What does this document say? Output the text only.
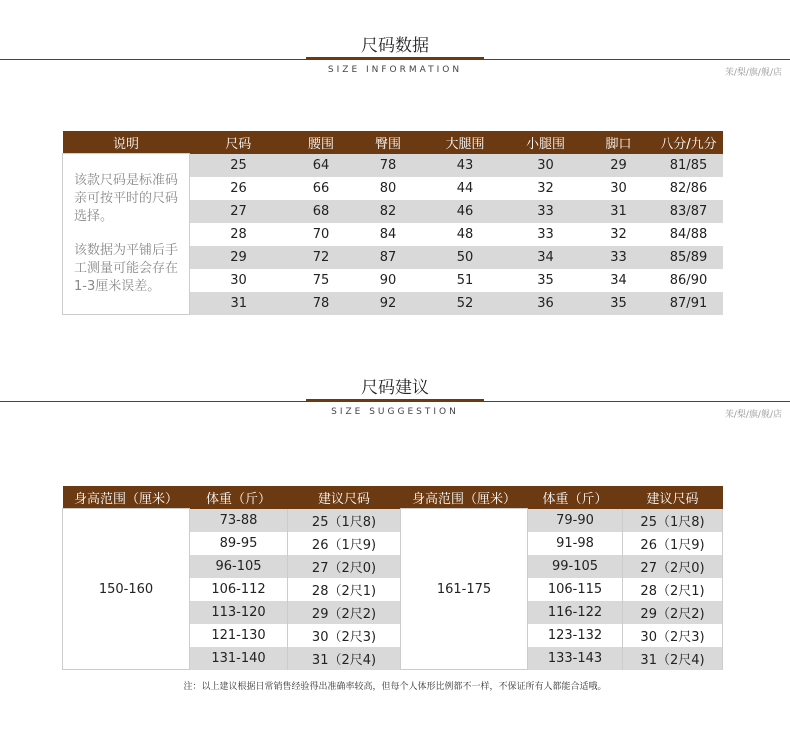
尺码数据
SIZE INFORMATION	茉/梨/旗/舰/店
说明	尺码	腰围	臀围	大腿围	小腿围	脚口	八分/九分

该款尺码是标准码亲可按平时的尺码选择。

该数据为平铺后手工测量可能会存在1-3厘米误差。	25	64	78	43	30	29	81/85
	26	66	80	44	32	30	82/86
	27	68	82	46	33	31	83/87
	28	70	84	48	33	32	84/88
	29	72	87	50	34	33	85/89
	30	75	90	51	35	34	86/90
	31	78	92	52	36	35	87/91
尺码建议
SIZE SUGGESTION	茉/梨/旗/舰/店
身高范围（厘米）	体重（斤）	建议尺码	身高范围（厘米）	体重（斤）	建议尺码
150-160	73-88	25（1尺8)	161-175	79-90	25（1尺8)
	89-95	26（1尺9)		91-98	26（1尺9)
	96-105	27（2尺0)		99-105	27（2尺0)
	106-112	28（2尺1)		106-115	28（2尺1)
	113-120	29（2尺2)		116-122	29（2尺2)
	121-130	30（2尺3)		123-132	30（2尺3)
	131-140	31（2尺4)		133-143	31（2尺4)
注：以上建议根据日常销售经验得出准确率较高，但每个人体形比例都不一样，不保证所有人都能合适哦。
